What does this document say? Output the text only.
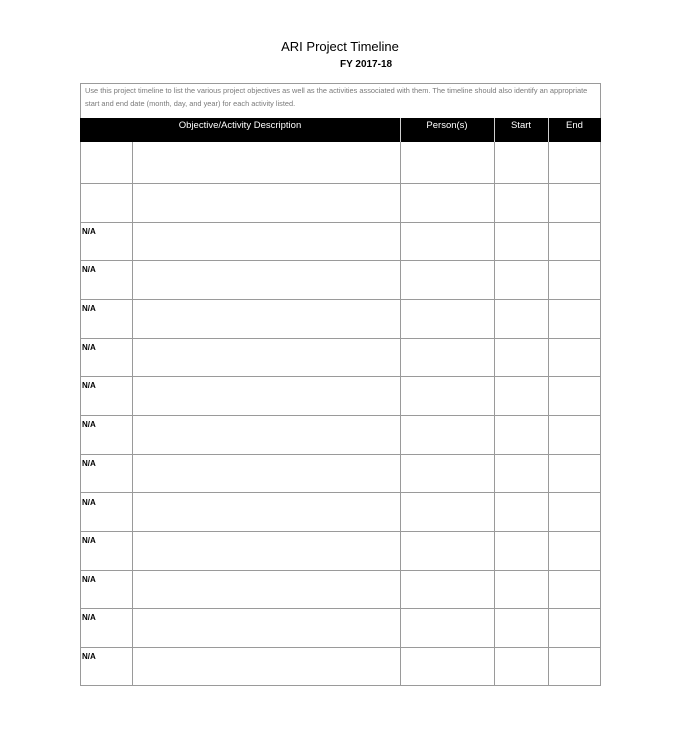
ARI Project Timeline
FY 2017-18
Use this project timeline to list the various project objectives as well as the activities associated with them. The timeline should also identify an appropriate start and end date (month, day, and year) for each activity listed.
Objective/Activity Description	Person(s)	Start	End
N/A
N/A
N/A
N/A
N/A
N/A
N/A
N/A
N/A
N/A
N/A
N/A
